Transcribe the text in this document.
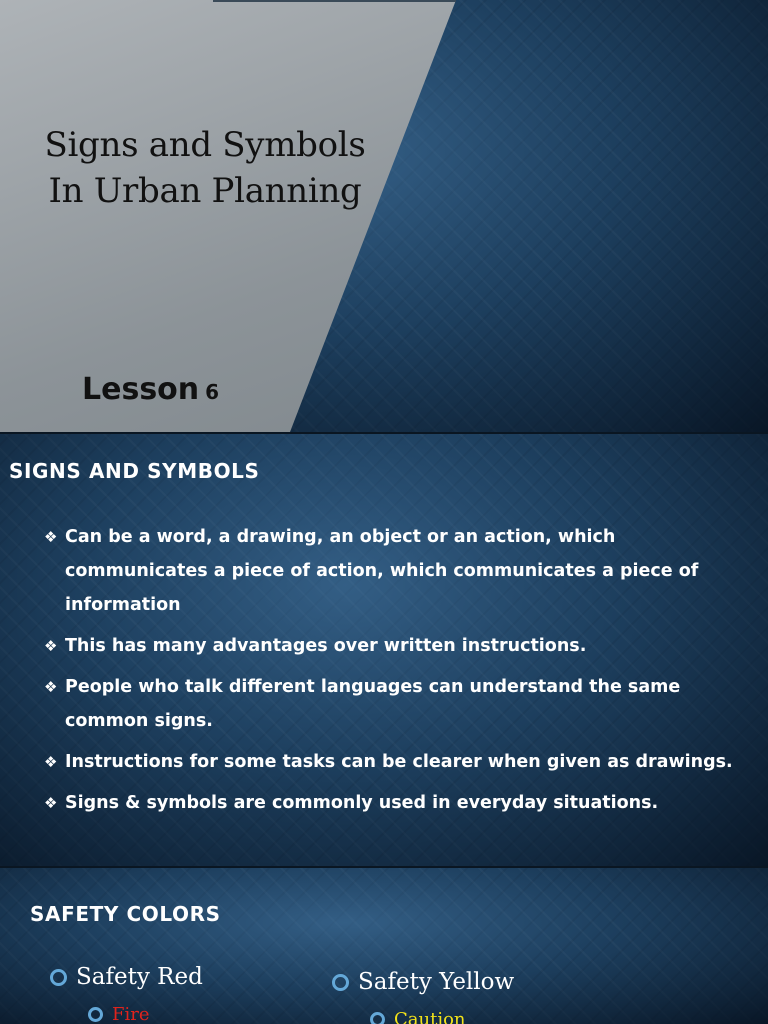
Signs and Symbols
In Urban Planning
Lesson 6
SIGNS AND SYMBOLS
❖ Can be a word, a drawing, an object or an action, which communicates a piece of action, which communicates a piece of information
❖ This has many advantages over written instructions.
❖ People who talk different languages can understand the same common signs.
❖ Instructions for some tasks can be clearer when given as drawings.
❖ Signs & symbols are commonly used in everyday situations.
SAFETY COLORS
Safety Red
Fire
Safety Yellow
Caution
